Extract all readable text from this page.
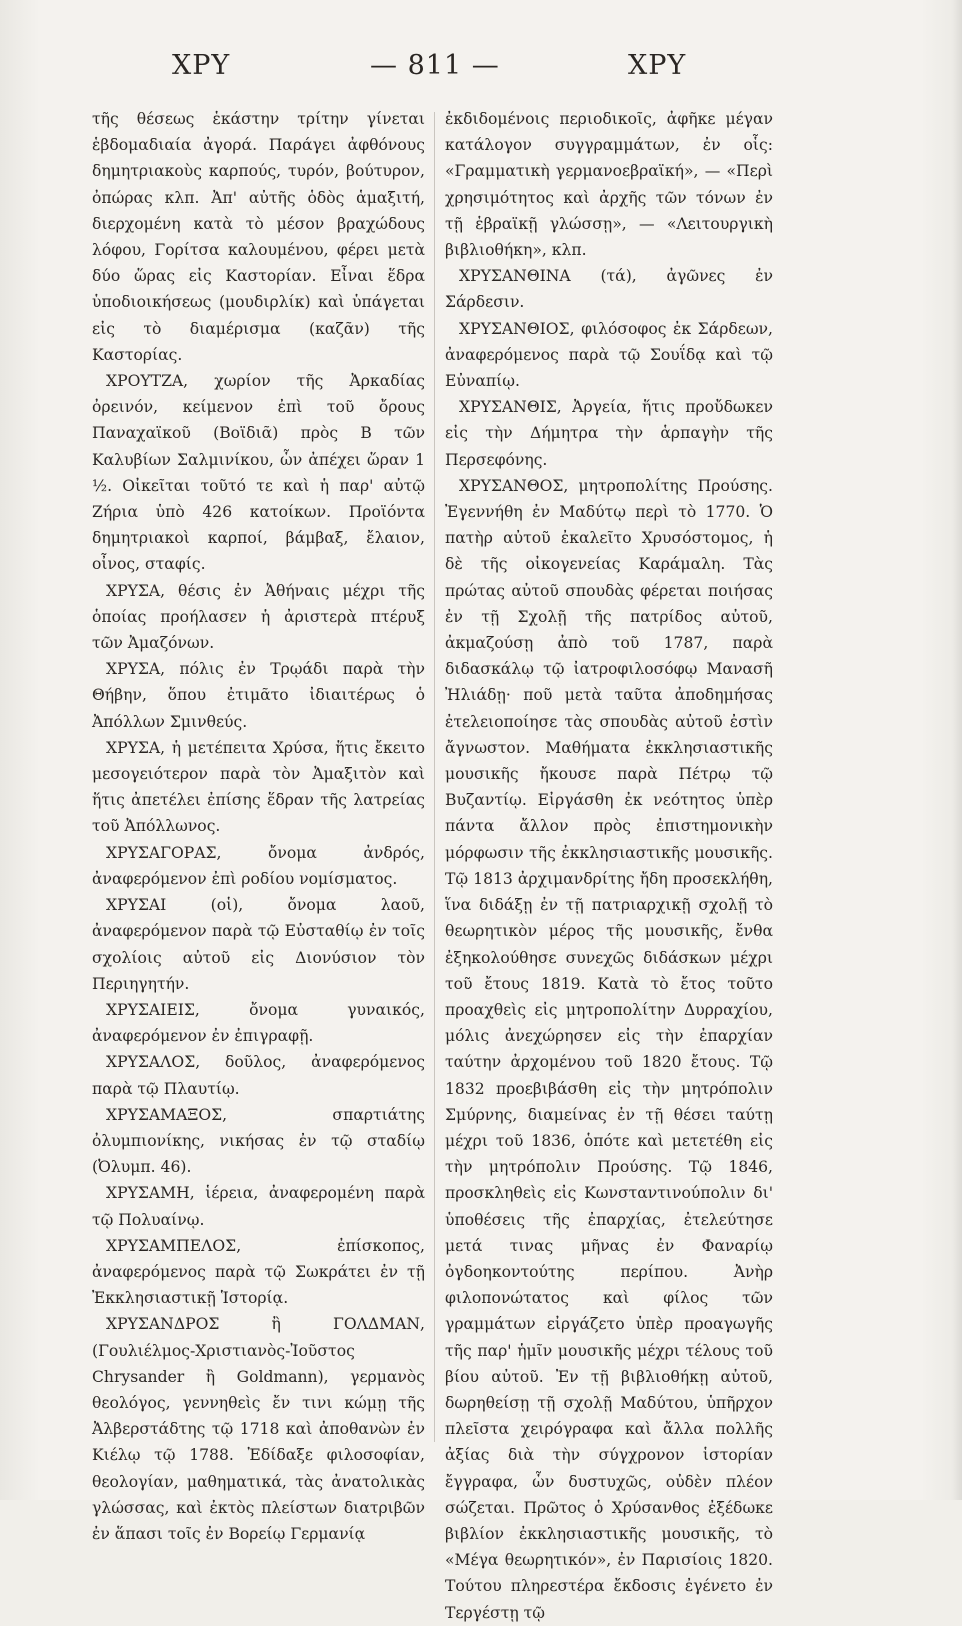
ΧΡΥ	— 811 —	ΧΡΥ

τῆς θέσεως ἑκάστην τρίτην γίνεται ἑβδομαδιαία ἀγορά. Παράγει ἀφθόνους δημητριακοὺς καρπούς, τυρόν, βούτυρον, ὀπώρας κλπ. Ἀπ' αὐτῆς ὁδὸς ἁμαξιτή, διερχομένη κατὰ τὸ μέσον βραχώδους λόφου, Γορίτσα καλουμένου, φέρει μετὰ δύο ὥρας εἰς Καστορίαν. Εἶναι ἕδρα ὑποδιοικήσεως (μουδιρλίκ) καὶ ὑπάγεται εἰς τὸ διαμέρισμα (καζᾶν) τῆς Καστορίας.

ΧΡΟΥΤΖΑ, χωρίον τῆς Ἀρκαδίας ὀρεινόν, κείμενον ἐπὶ τοῦ ὄρους Παναχαϊκοῦ (Βοϊδιᾶ) πρὸς Β τῶν Καλυβίων Σαλμινίκου, ὧν ἀπέχει ὥραν 1 ½. Οἰκεῖται τοῦτό τε καὶ ἡ παρ' αὐτῷ Ζήρια ὑπὸ 426 κατοίκων. Προϊόντα δημητριακοὶ καρποί, βάμβαξ, ἔλαιον, οἶνος, σταφίς.

ΧΡΥΣΑ, θέσις ἐν Ἀθήναις μέχρι τῆς ὁποίας προήλασεν ἡ ἀριστερὰ πτέρυξ τῶν Ἀμαζόνων.

ΧΡΥΣΑ, πόλις ἐν Τρῳάδι παρὰ τὴν Θήβην, ὅπου ἐτιμᾶτο ἰδιαιτέρως ὁ Ἀπόλλων Σμινθεύς.

ΧΡΥΣΑ, ἡ μετέπειτα Χρύσα, ἥτις ἔκειτο μεσογειότερον παρὰ τὸν Ἀμαξιτὸν καὶ ἥτις ἀπετέλει ἐπίσης ἕδραν τῆς λατρείας τοῦ Ἀπόλλωνος.

ΧΡΥΣΑΓΟΡΑΣ, ὄνομα ἀνδρός, ἀναφερόμενον ἐπὶ ροδίου νομίσματος.

ΧΡΥΣΑΙ (οἱ), ὄνομα λαοῦ, ἀναφερόμενον παρὰ τῷ Εὐσταθίῳ ἐν τοῖς σχολίοις αὐτοῦ εἰς Διονύσιον τὸν Περιηγητήν.

ΧΡΥΣΑΙΕΙΣ, ὄνομα γυναικός, ἀναφερόμενον ἐν ἐπιγραφῇ.

ΧΡΥΣΑΛΟΣ, δοῦλος, ἀναφερόμενος παρὰ τῷ Πλαυτίῳ.

ΧΡΥΣΑΜΑΞΟΣ, σπαρτιάτης ὀλυμπιονίκης, νικήσας ἐν τῷ σταδίῳ (Ὀλυμπ. 46).

ΧΡΥΣΑΜΗ, ἱέρεια, ἀναφερομένη παρὰ τῷ Πολυαίνῳ.

ΧΡΥΣΑΜΠΕΛΟΣ, ἐπίσκοπος, ἀναφερόμενος παρὰ τῷ Σωκράτει ἐν τῇ Ἐκκλησιαστικῇ Ἱστορίᾳ.

ΧΡΥΣΑΝΔΡΟΣ ἢ ΓΟΛΔΜΑΝ, (Γουλιέλμος-Χριστιανὸς-Ἰοῦστος Chrysander ἢ Goldmann), γερμανὸς θεολόγος, γεννηθεὶς ἔν τινι κώμῃ τῆς Ἀλβερστάδτης τῷ 1718 καὶ ἀποθανὼν ἐν Κιέλῳ τῷ 1788. Ἐδίδαξε φιλοσοφίαν, θεολογίαν, μαθηματικά, τὰς ἀνατολικὰς γλώσσας, καὶ ἐκτὸς πλείστων διατριβῶν ἐν ἅπασι τοῖς ἐν Βορείῳ Γερμανίᾳ

ἐκδιδομένοις περιοδικοῖς, ἀφῆκε μέγαν κατάλογον συγγραμμάτων, ἐν οἷς: «Γραμματικὴ γερμανοεβραϊκή», — «Περὶ χρησιμότητος καὶ ἀρχῆς τῶν τόνων ἐν τῇ ἑβραϊκῇ γλώσσῃ», — «Λειτουργικὴ βιβλιοθήκη», κλπ.

ΧΡΥΣΑΝΘΙΝΑ (τά), ἀγῶνες ἐν Σάρδεσιν.

ΧΡΥΣΑΝΘΙΟΣ, φιλόσοφος ἐκ Σάρδεων, ἀναφερόμενος παρὰ τῷ Σουΐδᾳ καὶ τῷ Εὐναπίῳ.

ΧΡΥΣΑΝΘΙΣ, Ἀργεία, ἥτις προὔδωκεν εἰς τὴν Δήμητρα τὴν ἁρπαγὴν τῆς Περσεφόνης.

ΧΡΥΣΑΝΘΟΣ, μητροπολίτης Προύσης. Ἐγεννήθη ἐν Μαδύτῳ περὶ τὸ 1770. Ὁ πατὴρ αὐτοῦ ἐκαλεῖτο Χρυσόστομος, ἡ δὲ τῆς οἰκογενείας Καράμαλη. Τὰς πρώτας αὐτοῦ σπουδὰς φέρεται ποιήσας ἐν τῇ Σχολῇ τῆς πατρίδος αὐτοῦ, ἀκμαζούσῃ ἀπὸ τοῦ 1787, παρὰ διδασκάλῳ τῷ ἰατροφιλοσόφῳ Μανασῆ Ἠλιάδῃ· ποῦ μετὰ ταῦτα ἀποδημήσας ἐτελειοποίησε τὰς σπουδὰς αὐτοῦ ἐστὶν ἄγνωστον. Μαθήματα ἐκκλησιαστικῆς μουσικῆς ἤκουσε παρὰ Πέτρῳ τῷ Βυζαντίῳ. Εἰργάσθη ἐκ νεότητος ὑπὲρ πάντα ἄλλον πρὸς ἐπιστημονικὴν μόρφωσιν τῆς ἐκκλησιαστικῆς μουσικῆς. Τῷ 1813 ἀρχιμανδρίτης ἤδη προσεκλήθη, ἵνα διδάξῃ ἐν τῇ πατριαρχικῇ σχολῇ τὸ θεωρητικὸν μέρος τῆς μουσικῆς, ἔνθα ἐξηκολούθησε συνεχῶς διδάσκων μέχρι τοῦ ἔτους 1819. Κατὰ τὸ ἔτος τοῦτο προαχθεὶς εἰς μητροπολίτην Δυρραχίου, μόλις ἀνεχώρησεν εἰς τὴν ἐπαρχίαν ταύτην ἀρχομένου τοῦ 1820 ἔτους. Τῷ 1832 προεβιβάσθη εἰς τὴν μητρόπολιν Σμύρνης, διαμείνας ἐν τῇ θέσει ταύτῃ μέχρι τοῦ 1836, ὁπότε καὶ μετετέθη εἰς τὴν μητρόπολιν Προύσης. Τῷ 1846, προσκληθεὶς εἰς Κωνσταντινούπολιν δι' ὑποθέσεις τῆς ἐπαρχίας, ἐτελεύτησε μετά τινας μῆνας ἐν Φαναρίῳ ὀγδοηκοντούτης περίπου. Ἀνὴρ φιλοπονώτατος καὶ φίλος τῶν γραμμάτων εἰργάζετο ὑπὲρ προαγωγῆς τῆς παρ' ἡμῖν μουσικῆς μέχρι τέλους τοῦ βίου αὐτοῦ. Ἐν τῇ βιβλιοθήκῃ αὐτοῦ, δωρηθείσῃ τῇ σχολῇ Μαδύτου, ὑπῆρχον πλεῖστα χειρόγραφα καὶ ἄλλα πολλῆς ἀξίας διὰ τὴν σύγχρονον ἱστορίαν ἔγγραφα, ὧν δυστυχῶς, οὐδὲν πλέον σώζεται. Πρῶτος ὁ Χρύσανθος ἐξέδωκε βιβλίον ἐκκλησιαστικῆς μουσικῆς, τὸ «Μέγα θεωρητικόν», ἐν Παρισίοις 1820. Τούτου πληρεστέρα ἔκδοσις ἐγένετο ἐν Τεργέστῃ τῷ
